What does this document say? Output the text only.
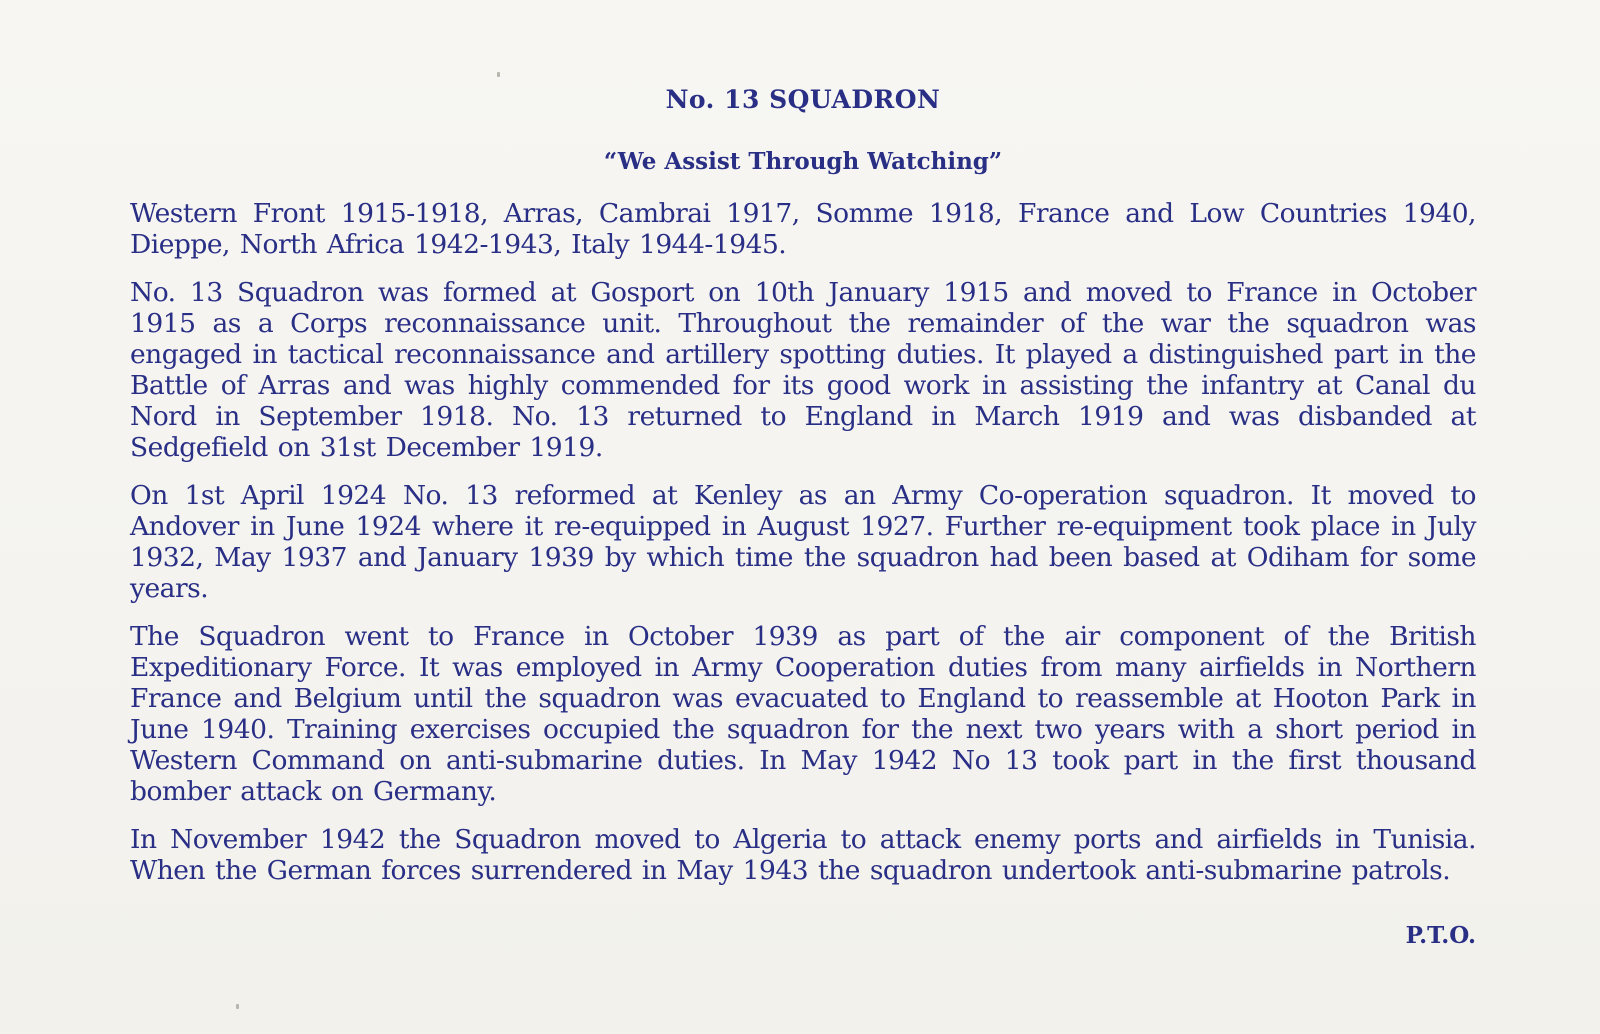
No. 13 SQUADRON
“We Assist Through Watching”

Western Front 1915-1918, Arras, Cambrai 1917, Somme 1918, France and Low Countries 1940, Dieppe, North Africa 1942-1943, Italy 1944-1945.

No. 13 Squadron was formed at Gosport on 10th January 1915 and moved to France in October 1915 as a Corps reconnaissance unit. Throughout the remainder of the war the squadron was engaged in tactical reconnaissance and artillery spotting duties. It played a distinguished part in the Battle of Arras and was highly commended for its good work in assisting the infantry at Canal du Nord in September 1918. No. 13 returned to England in March 1919 and was disbanded at Sedgefield on 31st December 1919.

On 1st April 1924 No. 13 reformed at Kenley as an Army Co-operation squadron. It moved to Andover in June 1924 where it re-equipped in August 1927. Further re-equipment took place in July 1932, May 1937 and January 1939 by which time the squadron had been based at Odiham for some years.

The Squadron went to France in October 1939 as part of the air component of the British Expeditionary Force. It was employed in Army Cooperation duties from many airfields in Northern France and Belgium until the squadron was evacuated to England to reassemble at Hooton Park in June 1940. Training exercises occupied the squadron for the next two years with a short period in Western Command on anti-submarine duties. In May 1942 No 13 took part in the first thousand bomber attack on Germany.

In November 1942 the Squadron moved to Algeria to attack enemy ports and airfields in Tunisia. When the German forces surrendered in May 1943 the squadron undertook anti-submarine patrols.

P.T.O.
